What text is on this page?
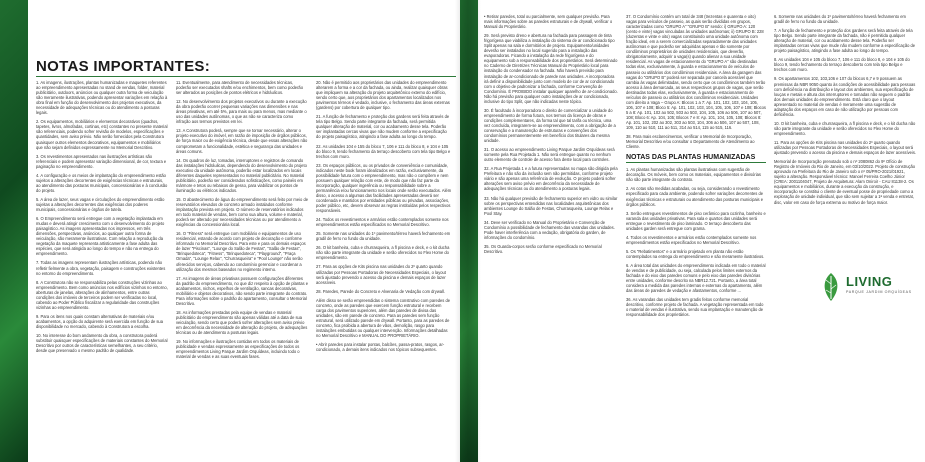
NOTAS IMPORTANTES:

1. As imagens, ilustrações, plantas humanizadas e maquetes referentes ao empreendimento apresentadas no stand de vendas, folder, material publicitário, outdoors, anúncios ou qualquer outra forma de veiculação são meramente ilustrativas, podendo apresentar variações em relação à obra final em função do desenvolvimento dos projetos executivos, da necessidade de adequações técnicas ou do atendimento a posturas legais.

2. Os equipamentos, mobiliários e elementos decorativos (quadros, tapetes, livros, almofadas, cortinas, etc) constantes no presente material são referenciais, podendo sofrer revisão de modelos, especificações e quantidades, sem aviso prévio. Não serão fornecidos pela Construtora quaisquer outros elementos decorativos, equipamentos e mobiliários que não sejam definidos expressamente no Memorial Descritivo.

3. Os revestimentos apresentados nas ilustrações artísticas são referenciais e podem apresentar variação dimensional, de cor, textura e paginação no empreendimento.

4. A configuração e os meios de implantação do empreendimento estão sujeitos a alterações decorrentes de exigências técnicas e estruturais, ao atendimento das posturas municipais, concessionárias e à conclusão do projeto.

5. A área de lazer, seus vagas e circulações do empreendimento estão sujeitas a alterações decorrentes das exigências dos poderes municipais, concessionárias e órgãos de tutela.

6. O Empreendimento será entregue com a vegetação implantada em mudas e deverá atingir crescimento com o desenvolvimento do projeto paisagístico. As imagens apresentadas nos impressos, em três dimensões, perspectivas, anúncios, ao qualquer outra forma de veiculação, são meramente ilustrativas. Com relação a reprodução da vegetação da maquete representa artisticamente a fase adulta das espécies, que será atingida ao longo do tempo e não na entrega do empreendimento.

7. Todas as imagens representam ilustrações artísticas, podendo não refletir fielmente a obra, vegetação, paisagem e construções existentes no entorno do empreendimento.

8. A Construtora não se responsabiliza pelas construções vizinhas ao empreendimento. Bem como anúncios nos edifícios vizinhos no entorno, aberturas de janelas, alterações de alinhamentos, entre outras condições dos imóveis de terceiros podem ser verificadas no local, cabendo ao Poder Público fiscalizar a regularidade das construções vizinhas ao empreendimento.

9. Para os itens nos quais constam alternativas de materiais e/ou acabamentos, a opção do adquirente será exercida em função de sua disponibilidade no mercado, cabendo à Construtora a escolha.

10. No interesse do bom andamento da obra, a construtora poderá substituir quaisquer especificações de materiais constantes do Memorial Descritivo por outros de características semelhantes, a seu critério, desde que preservado o mesmo padrão de qualidade.

11. Eventualmente, para atendimento de necessidades técnicas, poderão ser executados shafts e/ou enchimentos, bem como poderão ser alterados as posições de pontos elétricos e hidráulicos.

12. No desenvolvimento dos projetos executivos ou durante a execução da obra poderão ocorrer pequenas variações nas dimensões e nas áreas privativas, em até 5%, para mais ou para menos, mas mediante o uso das unidades autônomas, o que as não se caracteriza como infração aos termos previstos em lei.

13. A Construtora poderá, sempre que se tornar necessário, alterar o projeto executivo do imóvel, em razão de imposição de órgãos públicos, de força maior ou de exigência técnica, desde que essas alterações não comprometam a funcionalidade, estética e segurança das unidades e áreas comuns.

14. Os quadros de luz, tomadas, interruptores e registros de comando das instalações hidráulicas, dependendo do desenvolvimento do projeto executivo da unidade autônoma, poderão estar localizados em locais diferentes daqueles representados no material publicitário. No material publicitário, poderão ser considerados sofisticações, como painéis em mármore e tetos ou rebaixos de gesso, para viabilizar os pontos de iluminação ou elétricos indicados.

15. O abastecimento de água do empreendimento será feito por meio de reservatórios elevados de concreto armado instalados conforme implantação prevista em projeto. O número de reservatórios indicados em todo material de vendas, bem como sua altura, volume e material, poderá ser alterado por necessidades técnicas ou por atendimento a exigências da concessionária local.

16. O "Fitness" será entregue com mobiliário e equipamentos de uso residencial, estando de acordo com projeto de decoração e conforme informado no Memorial Descritivo. Para este e para os demais espaços de lazer "Piscinas", "Lounge do Salão de Festas", "Salão de Festas", "Brinquedoteca", "Fitness", "Brinquedoteca", "Playground", "Praça Ornada", "Lounge Relax", "Churrasqueira" e "Pool Lounge" não serão oferecidos serviços, cabendo ao condomínio gerenciar e coordenar a utilização dos mesmos baseados no regimento interno.

17. As imagens de áreas privativas possuem configurações diferentes da padrão do empreendimento, no que diz respeito à opção de plantas e acabamentos, nichos, espelhos de ventilação, sancas decorativas, mobiliário e objetos decorativos, não sendo parte integrante do contrato. Para informações sobre o padrão do apartamento, consultar o Memorial Descritivo.

18. As informações prestadas pela equipe de vendas e material publicitário do empreendimento são apenas válidas até a data de sua veiculação, sendo certo que poderá sofrer alterações sem aviso prévio em decorrência da necessidade de alteração do projeto, de adequações técnicas ou de atendimento a posturas legais.

19. No informações e ilustrações contidas em todos os materiais de publicidade e vendas expressamente as especificações de todos os empreendimentos Living Parque Jardim Orquídeas, incluindo todo o material de vendas e as suas eventuais fases.

20. Não é permitido aos proprietários das unidades do empreendimento alterarem a forma e a cor da fachada, ou ainda, realizar quaisquer obras que impliquem na alteração do projeto arquitetônico externo do edifício, sendo certo que, aos proprietários dos apartamentos localizados nos pavimentos térreos é vedado, inclusive, o fechamento das áreas externas (gardens) por cobertura de qualquer tipo.

21. A função de fechamento e proteção dos gardens será feita através de tela tipo Belgo. Sendo parte integrante da fachada, será permitida qualquer alteração de material, cor ou acabamento desse tela. Poderão ser implantadas cercas vivas que não mudem conforme a especificação do projeto paisagístico, atingindo a fase adulta ao longo do tempo.

22. As unidades 104 e 155 do bloco 7, 106 e 111 do bloco 8, e 104 e 105 do bloco 9, tendo fechamento da terraço descoberto com tela tipo Belgo e trechos com muro.

23. Os espaços públicos, ou os privados de conveniência e comunidade, indicados neste book foram idealizados em razão, exclusivamente, da possibilidade futura com o empreendimento, mas não o compõem e nem possuem qualquer relação com este, de modo que não faz parte da incorporação, qualquer ingerência ou responsabilidade sobre a permanência e/ou funcionamento nos locais onde serão executados. Além disso, o acesso a algumas das facilidades apresentadas deverá ser coordenada e mantidos por entidades públicas ou privadas, associações, poder público, etc, devem observar as regras instituídas pelos respectivos responsáveis.

24. Todos os revestimentos e armários estão contemplados somente nos empreendimentos estão especificados no Memorial Descritivo.

25. Somente nas unidades do 1º pavimento/térreo haverá fechamento em gradil de ferro no fundo da unidade.

26. O kit banheira, cuba e churrasqueira, a fl piscina e deck, e o kit ducha não são parte integrante da unidade e serão oferecidos no Flex Home do empreendimento.

27. Para as opções de Kits piscina nas unidades do 2º quarto quando utilizadas por Pessoas Portadoras de Necessidades Especiais, o layout será ajustado prevendo o acesso da piscina e demais espaços de lazer acessíveis.

28. Paredes, Parede do Concreto e Alvenaria de Vedação com drywall.

Além disso se serão empreendidas o sistema construtivo com paredes de concreto, onde as paredes que exercem função estrutural e recebem carga dos pavimentos superiores, além das paredes de divisa das unidades, são em parede de concreto. Para as paredes sem função estrutural, será utilizado parede em drywall. Portanto, para as paredes de concreto, fica proibida a abertura de vãos, demolição, rasgo para instalações embutidas ou qualquer intervenção. Informações detalhadas no Memorial Descritivo e MANUAL DO PROPRIETÁRIO.

• Abrir paredes para instalar pontas, balcões, passa-pratos, rasgos, ar-condicionado, a demais itens indicados nos tópicos subsequentes.

• Retirar paredes, total ou parcialmente, sem qualquer previsão. Para mais informações sobre as paredes estruturais e de drywall, verificar o Manual do Proprietário.

29. Será previsto dreno e abertura na fachada para passagem de tinta frigorígena que viabiliza a instalação do sistema de ar condicionado tipo Split apenas na sala e dormitórios de projeto. Equipamento/unidades deverão ser instalados no local sugerido para a instalação das evaporadoras. Ficando a instalação da rede frigorígena e do equipamento sob a responsabilidade dos proprietários. Será determinado no Caderno de Diretrizes Técnicas Manual do Proprietário local para instalação do condensador na fachada. Não haverá previsão para instalação de ar-condicionado de parede nas unidades. A incorporadora irá definir a disponibilidade junto com modelo de cor de ar condicionado com o objetivo de padronizar a fachada, conforme Convenção de Condomínio. É PROIBIDO instalar qualquer aparelho de ar-condicionado. Não há previsão para qualquer outro instalações de ar condicionado, inclusive do tipo Split, que não indicadas neste tópico.

30. É facultado à incorporadora o direito de comercializar a unidade do empreendimento de forma futura, nos termos da licença de obras e condições complementares, da forma tal que tal tarifa ou técnica, uma vez concluída, integrarem-se ao empreendimento, com a obrigação de a conservação e a manutenção de estruturas e convenções dos condomínios permanentemente em benefício dos titulares da mesma unidade.

31. O acesso ao empreendimento Living Parque Jardim Orquídeas será somente pela Rua Projetada 1. Não será entregue quanto no nenhum outro elemento de controle de acesso fora deste local para controles.

32. A Rua Projetada 1 e a futura representadas no mapa são dirigida pela Prefeitura e não são da inclusão sem não permitidas, conforme projeto viário e são apenas uma referência de evolução. O projeto poderá sofrer alterações sem aviso prévio em decorrência da necessidade de adequações técnicas ou do atendimento a posturas legais.

33. Não há qualquer previsão de fechamento superior em vidro ou similar sobre os perspectivas entendidas nas localidades arquitetônicas dos ambientes Lounge do Salão de Festas, Churrasqueira, Lounge Relax e Pool Stay.

34. Deve ser verificado no Manual do Proprietário e Convenção de Condomínio a possibilidade de fechamento das varandas das unidades. Pode haver interferência com a vedação, obrigatória do garden, de informações do condomínio.

35. Os Guarda-corpos serão conforme especificado no Memorial Descritivo.

37. O Condomínio contém um total de 348 (trezentas e quarenta e oito) vagas para veículos de passeio, as quais serão divididas em grupos, caracterizadas como "GRUPO A" "GRUPO B" sendo: i) GRUPO A: 120 (cento e vinte) vagas vinculadas às unidades autônomas; ii) GRUPO B: 228 (duzentas e vinte e oito) vagas constituindo uma unidade autônoma com fração ideal, em a serem comercializadas separadamente das unidades autônomas e que poderão ser adquiridas apenas e tão somente por condôminos proprietários de unidades residenciais, que deverão, obrigatoriamente, adquirir a vaga(s) quando alienar a sua unidade residencial. As vagas de estacionamento do "GRUPO A" são destinadas todas elas, exclusivamente, à guarda e estacionamento de veículos de passeio ou utilitários dos condôminos residenciais. A área da garagem das vagas do "GRUPO B" poderá ser separada por cancela acessível que cambia às vagas delimitadas, sendo certo que os condôminos também terão acesso à área demarcada, as seus respectivos grupos de vagas, que serão destinadas todas elas, exclusivamente, à guarda e estacionamento de veículos de passeio ou utilitários dos condôminos residenciais. Unidades com direito a Vaga – Grupo A: Blocos 1 a 7: Ap. 101, 102, 103, 104, 105, 106, 107 e 108; Bloco 5: Ap. 101, 102, 103, 104, 105, 106, 107 e 108; Blocos 5 a 8: Ap. 101, 102 ao 502, 503 ao 503, 104, 105, 106 ao 506, 107 ao 507, 108; Bloco 6: Ap. 104, 105; Blocos 7 e 8: Ap. 101, 104, 105, 108; Blocos 8: Ap. 101, 102, 202 ao 302, 303 ao 503, 104, 306 ao 506, 107 ao 507, 108, 109, 110 ao 510, 111 ao 511, 314 ao 514, 115 ao 515, 116.

38. Para mais esclarecimentos, verificar o Memorial de Incorporação, Memorial Descritivo e/ou consultar o Departamento de Atendimento ao Cliente.

NOTAS DAS PLANTAS HUMANIZADAS

1. As plantas humanizadas são plantas ilustrativas com sugestão de decoração. Os móveis, bem como os materiais, equipamentos e divisórias não são parte integrante do contrato.

2. As cotas são medidas acabadas, ou seja, considerando o revestimento especificado para cada ambiente, podendo sofrer variações decorrentes de exigências técnicas e estruturais ou atendimento das posturas municipais e órgãos públicos.

3. Serão entregues revestimentos de piso cerâmico para cozinha, banheiro e varanda das unidades privativas. Para sala e quartos das unidades será entregue o revestimento de piso laminado. O terraço descoberto das unidades garden será entregue com grama.

4. Todos os revestimentos e armários estão contemplados somente nos empreendimentos estão especificados no Memorial Descritivo.

5. Os "Rebatimentos" e o armário projetado em planta não estão contemplados na entrega do empreendimento e são meramente ilustrativos.

6. A área total das unidades do empreendimento indicada em todo o material de vendas e de publicidade, ou seja, calculada pelos limites externos da fachada e do eixo das paredes comuns e pelo eixo das paredes divisórias entre unidades, conforme descrito na NBR12.721. Portanto, a área total considera a medida das paredes internas e externas do apartamento, além das áreas de paredes de vedação e afastamentos, conforme ...

36. As varandas das unidades tem gradis feitos conforme memorial descritivo, conforme projeto de fachada. A vegetação representada em todo o material de vendas é ilustrativa, sendo sua implantação e manutenção de responsabilidade dos proprietários.

6. Somente nas unidades do 1º pavimento/térreo haverá fechamento em gradil de ferro no fundo da unidade.

7. A função de fechamento e proteção dos gardens será feita através de tela tipo Belgo. Sendo parte integrante da fachada, não é permitida qualquer alteração de material, cor ou acabamento desse tela. Poderão ser implantadas cercas vivas que mude não mudem conforme a especificação de projeto paisagístico, atingindo a fase adulta ao longo do tempo.

8. As unidades 104 e 105 do bloco 7, 106 e 111 do bloco 8, e 104 e 105 do bloco 9, tendo fechamento do terraço descoberto com tela tipo Belgo e trechos com muro.

9. Os apartamentos 102, 103,106 e 107 do blocos 6,7 e 9 possuem as premissas da NBR 9050 quanto às condições de acessibilidade para pessoas com deficiência na distribuição e layout dos ambientes, sua especificação de louças e metais e altura dos interruptores e tomadas não seguem o padrão dos demais unidades do empreendimento. Está claro que o layout apresentado no material de vendas é meramente uma sugestão de adaptação dos espaços em caso de não utilização por pessoas com deficiência.

10. O kit banheira, cuba e churrasqueira, a fl piscina e deck, e o kit ducha não são parte integrante da unidade e serão oferecidos no Flex Home do empreendimento.

11. Para as opções de Kits piscina nas unidades do 2º quarto quando utilizadas por Pessoas Portadoras de Necessidades Especiais, o layout será ajustado prevendo o acesso da piscina e demais espaços de lazer acessíveis.

Memorial de Incorporação prenotado sob o nº 2080862 do 9º Ofício de Registro de Imóveis do Rio de Janeiro, em 03/10/2022. Projeto de construção aprovado na Prefeitura do Rio de Janeiro sob o nº 05/PRO-2021/01921, sujeito a alteração. Responsável técnico: Manoel Ferreira Coelho Júnior (CREA: 2001104047, Projeto de Arquitetura: Alam Oniroir - CAU 81138-2. Os equipamentos e mobiliários, durante a execução da construção, e incorporação se constitui o cliente de eventual posse de propriedade como a exploração de unidade individual, que são sem sujeitar a 1ª venda e entretat, disc, valor em caso de força extrema ou motivo de força maior.

LIVING
PARQUE JARDIM ORQUÍDEAS
